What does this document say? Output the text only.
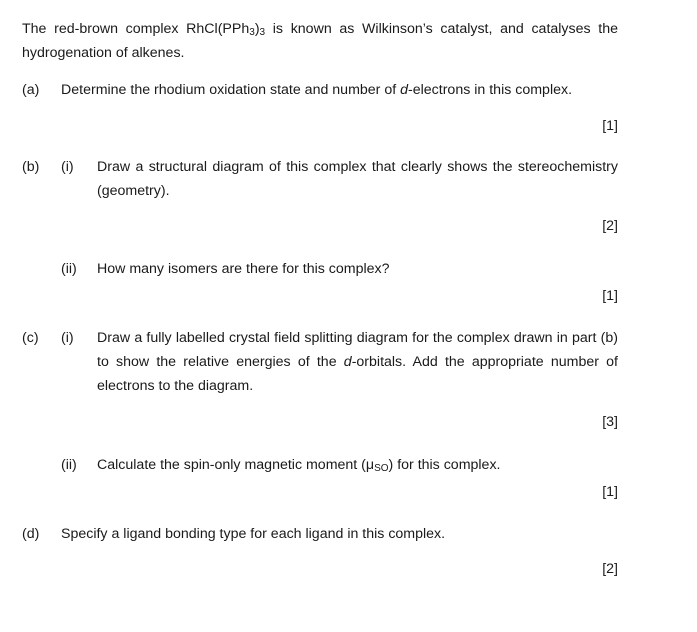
The red-brown complex $RhCl(PPh_3)_3$ is known as Wilkinson’s catalyst, and catalyses the
hydrogenation of alkenes.
(a) Determine the rhodium oxidation state and number of d-electrons in this complex.
[1]
(b) (i) Draw a structural diagram of this complex that clearly shows the stereochemistry
(geometry).
[2]
(ii) How many isomers are there for this complex?
[1]
(c) (i) Draw a fully labelled crystal field splitting diagram for the complex drawn in part (b)
to show the relative energies of the d-orbitals. Add the appropriate number of
electrons to the diagram.
[3]
(ii) Calculate the spin-only magnetic moment $(\mu_{SO})$ for this complex.
[1]
(d) Specify a ligand bonding type for each ligand in this complex.
[2]
